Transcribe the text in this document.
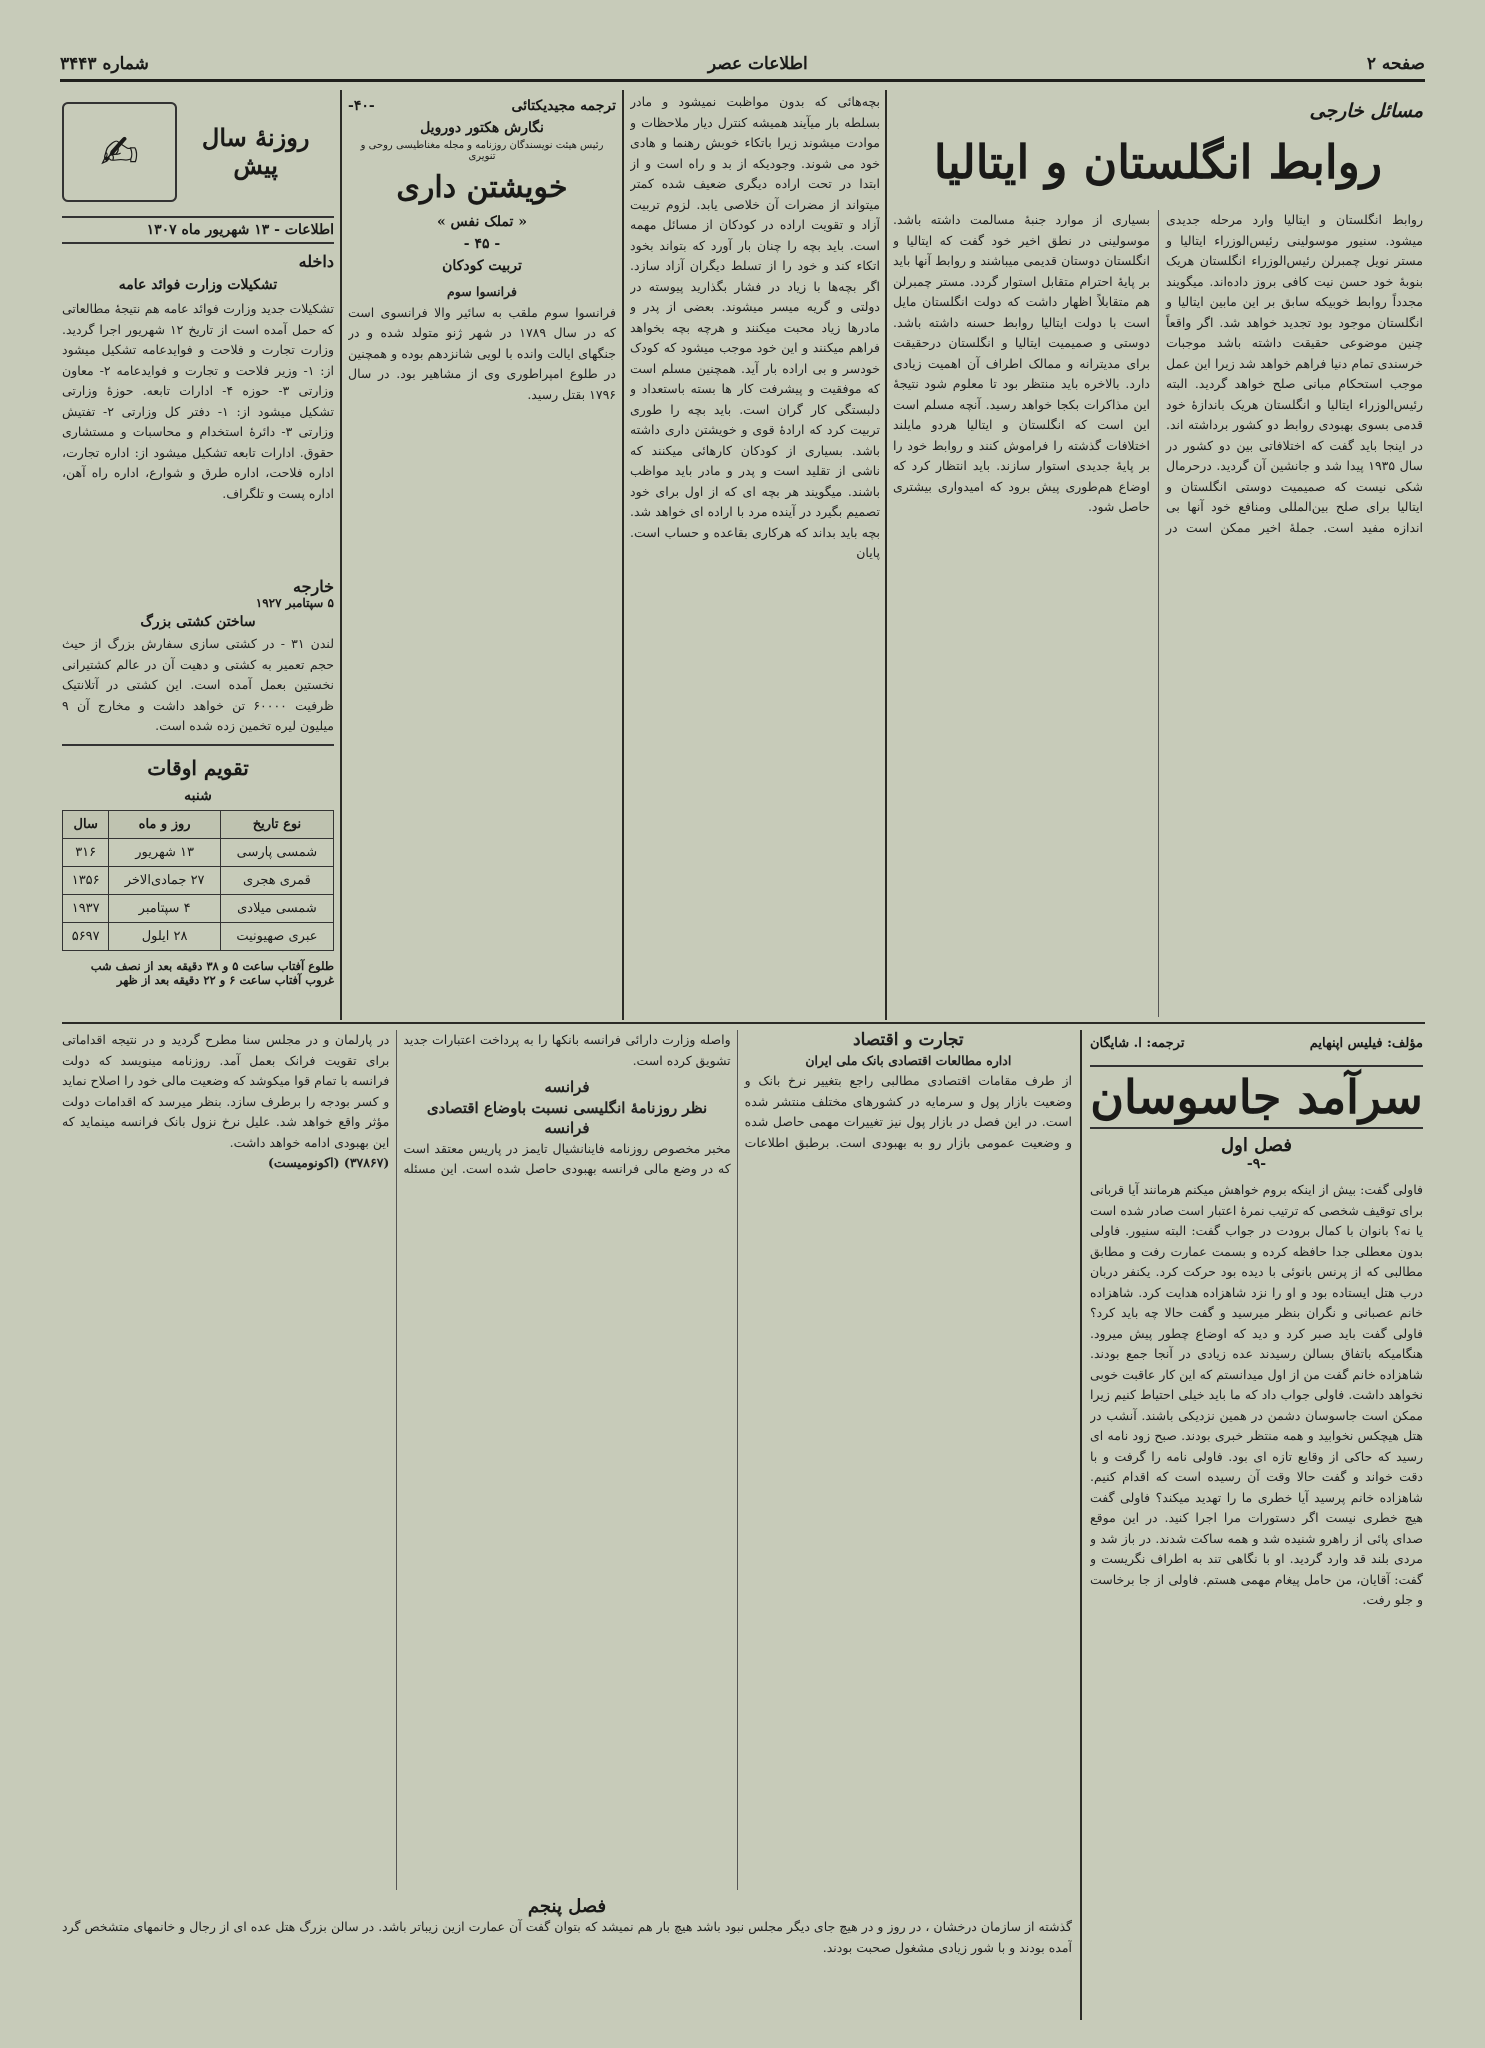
صفحه ۲
اطلاعات عصر
شماره ۳۴۴۳
مسائل خارجی
روابط انگلستان و ایتالیا
روابط انگلستان و ایتالیا وارد مرحله جدیدی میشود. سنیور موسولینی رئیس‌الوزراء ایتالیا و مستر نویل چمبرلن رئیس‌الوزراء انگلستان هریک بنوبهٔ خود حسن نیت کافی بروز داده‌اند. میگویند مجدداً روابط خوبیکه سابق بر این مابین ایتالیا و انگلستان موجود بود تجدید خواهد شد. اگر واقعاً چنین موضوعی حقیقت داشته باشد موجبات خرسندی تمام دنیا فراهم خواهد شد زیرا این عمل موجب استحکام مبانی صلح خواهد گردید. البته رئیس‌الوزراء ایتالیا و انگلستان هریک باندازهٔ خود قدمی بسوی بهبودی روابط دو کشور برداشته اند. در اینجا باید گفت که اختلافاتی بین دو کشور در سال ۱۹۳۵ پیدا شد و جانشین آن گردید. درحرمال شکی نیست که صمیمیت دوستی انگلستان و ایتالیا برای صلح بین‌المللی ومنافع خود آنها بی اندازه مفید است. جملهٔ اخیر ممکن است در بسیاری از موارد جنبهٔ مسالمت داشته باشد. موسولینی در نطق اخیر خود گفت که ایتالیا و انگلستان دوستان قدیمی میباشند و روابط آنها باید بر پایهٔ احترام متقابل استوار گردد. مستر چمبرلن هم متقابلاً اظهار داشت که دولت انگلستان مایل است با دولت ایتالیا روابط حسنه داشته باشد. دوستی و صمیمیت ایتالیا و انگلستان درحقیقت برای مدیترانه و ممالک اطراف آن اهمیت زیادی دارد. بالاخره باید منتظر بود تا معلوم شود نتیجهٔ این مذاکرات بکجا خواهد رسید. آنچه مسلم است این است که انگلستان و ایتالیا هردو مایلند اختلافات گذشته را فراموش کنند و روابط خود را بر پایهٔ جدیدی استوار سازند. باید انتظار کرد که اوضاع هم‌طوری پیش برود که امیدواری بیشتری حاصل شود.
بچه‌هائی که بدون مواظبت نمیشود و مادر بسلطه بار میآیند همیشه کنترل دیار ملاحظات و موادت میشوند زیرا باتکاء خوبش رهنما و هادی خود می شوند. وجودیکه از بد و راه است و از ابتدا در تحت اراده دیگری ضعیف شده کمتر میتواند از مضرات آن خلاصی یابد. لزوم تربیت آزاد و تقویت اراده در کودکان از مسائل مهمه است. باید بچه را چنان بار آورد که بتواند بخود اتکاء کند و خود را از تسلط دیگران آزاد سازد. اگر بچه‌ها با زیاد در فشار بگذارید پیوسته در دولتی و گریه میسر میشوند. بعضی از پدر و مادرها زیاد محبت میکنند و هرچه بچه بخواهد فراهم میکنند و این خود موجب میشود که کودک خودسر و بی اراده بار آید. همچنین مسلم است که موفقیت و پیشرفت کار ها بسته باستعداد و دلبستگی کار گران است. باید بچه را طوری تربیت کرد که ارادهٔ قوی و خویشتن داری داشته باشد. بسیاری از کودکان کارهائی میکنند که ناشی از تقلید است و پدر و مادر باید مواظب باشند. میگویند هر بچه ای که از اول برای خود تصمیم بگیرد در آینده مرد با اراده ای خواهد شد. بچه باید بداند که هرکاری بقاعده و حساب است. پایان
ترجمه مجیدیکتائی
-۴۰-
نگارش هکتور دورویل
رئیس هیئت نویسندگان روزنامه و مجله مغناطیسی روحی و تنویری
خویشتن داری
« تملک نفس »
- ۴۵ -
تربیت کودکان
فرانسوا سوم
فرانسوا سوم ملقب به سائیر والا فرانسوی است که در سال ۱۷۸۹ در شهر ژنو متولد شده و در جنگهای ایالت وانده با لویی شانزدهم بوده و همچنین در طلوع امپراطوری وی از مشاهیر بود. در سال ۱۷۹۶ بقتل رسید.
روزنهٔ سال پیش
✍
اطلاعات - ۱۳ شهریور ماه ۱۳۰۷
داخله
تشکیلات وزارت فوائد عامه
تشکیلات جدید وزارت فوائد عامه هم نتیجهٔ مطالعاتی که حمل آمده است از تاریخ ۱۲ شهریور اجرا گردید. وزارت تجارت و فلاحت و فوایدعامه تشکیل میشود از: ۱- وزیر فلاحت و تجارت و فوایدعامه ۲- معاون وزارتی ۳- حوزه ۴- ادارات تابعه. حوزهٔ وزارتی تشکیل میشود از: ۱- دفتر کل وزارتی ۲- تفتیش وزارتی ۳- دائرهٔ استخدام و محاسبات و مستشاری حقوق. ادارات تابعه تشکیل میشود از: اداره تجارت، اداره فلاحت، اداره طرق و شوارع، اداره راه آهن، اداره پست و تلگراف.
خارجه
۵ سپتامبر ۱۹۲۷
ساختن کشتی بزرگ
لندن ۳۱ - در کشتی سازی سفارش بزرگ از حیث حجم تعمیر به کشتی و دهیت آن در عالم کشتیرانی نخستین بعمل آمده است. این کشتی در آتلانتیک ظرفیت ۶۰۰۰۰ تن خواهد داشت و مخارج آن ۹ میلیون لیره تخمین زده شده است.
تقویم اوقات
شنبه
نوع تاریخ	روز و ماه	سال
شمسی پارسی	۱۳ شهریور	۳۱۶
قمری هجری	۲۷ جمادی‌الاخر	۱۳۵۶
شمسی میلادی	۴ سپتامبر	۱۹۳۷
عبری صهیونیت	۲۸ ایلول	۵۶۹۷
طلوع آفتاب ساعت ۵ و ۳۸ دقیقه بعد از نصف شب
غروب آفتاب ساعت ۶ و ۲۲ دقیقه بعد از ظهر
مؤلف: فیلیس اپنهایم
ترجمه: ا. شایگان
سرآمد جاسوسان
فصل اول
-۹-
فاولی گفت: بیش از اینکه بروم خواهش میکنم هرمانند آیا قربانی برای توقیف شخصی که ترتیب نمرهٔ اعتبار است صادر شده است یا نه؟ بانوان با کمال برودت در جواب گفت: البته سنیور. فاولی بدون معطلی جدا حافظه کرده و بسمت عمارت رفت و مطابق مطالبی که از پرنس بانوئی با دیده بود حرکت کرد. یکنفر دربان درب هتل ایستاده بود و او را نزد شاهزاده هدایت کرد. شاهزاده خانم عصبانی و نگران بنظر میرسید و گفت حالا چه باید کرد؟ فاولی گفت باید صبر کرد و دید که اوضاع چطور پیش میرود. هنگامیکه باتفاق بسالن رسیدند عده زیادی در آنجا جمع بودند. شاهزاده خانم گفت من از اول میدانستم که این کار عاقبت خوبی نخواهد داشت. فاولی جواب داد که ما باید خیلی احتیاط کنیم زیرا ممکن است جاسوسان دشمن در همین نزدیکی باشند. آنشب در هتل هیچکس نخوابید و همه منتظر خبری بودند. صبح زود نامه ای رسید که حاکی از وقایع تازه ای بود. فاولی نامه را گرفت و با دقت خواند و گفت حالا وقت آن رسیده است که اقدام کنیم. شاهزاده خانم پرسید آیا خطری ما را تهدید میکند؟ فاولی گفت هیچ خطری نیست اگر دستورات مرا اجرا کنید. در این موقع صدای پائی از راهرو شنیده شد و همه ساکت شدند. در باز شد و مردی بلند قد وارد گردید. او با نگاهی تند به اطراف نگریست و گفت: آقایان، من حامل پیغام مهمی هستم. فاولی از جا برخاست و جلو رفت.
تجارت و اقتصاد
اداره مطالعات اقتصادی بانک ملی ایران
از طرف مقامات اقتصادی مطالبی راجع بتغییر نرخ بانک و وضعیت بازار پول و سرمایه در کشورهای مختلف منتشر شده است. در این فصل در بازار پول نیز تغییرات مهمی حاصل شده و وضعیت عمومی بازار رو به بهبودی است. برطبق اطلاعات واصله وزارت دارائی فرانسه بانکها را به پرداخت اعتبارات جدید تشویق کرده است.
فرانسه
نظر روزنامهٔ انگلیسی نسبت باوضاع اقتصادی فرانسه
مخبر مخصوص روزنامه فاینانشیال تایمز در پاریس معتقد است که در وضع مالی فرانسه بهبودی حاصل شده است. این مسئله در پارلمان و در مجلس سنا مطرح گردید و در نتیجه اقداماتی برای تقویت فرانک بعمل آمد. روزنامه مینویسد که دولت فرانسه با تمام قوا میکوشد که وضعیت مالی خود را اصلاح نماید و کسر بودجه را برطرف سازد. بنظر میرسد که اقدامات دولت مؤثر واقع خواهد شد. علیل نرخ نزول بانک فرانسه مینماید که این بهبودی ادامه خواهد داشت.
(۳۷۸۶۷) (اکونومیست)
فصل پنجم
گذشته از سازمان درخشان ، در روز و در هیچ جای دیگر مجلس نبود باشد هیچ بار هم نمیشد که بتوان گفت آن عمارت ازین زیباتر باشد. در سالن بزرگ هتل عده ای از رجال و خانمهای متشخص گرد آمده بودند و با شور زیادی مشغول صحبت بودند.
